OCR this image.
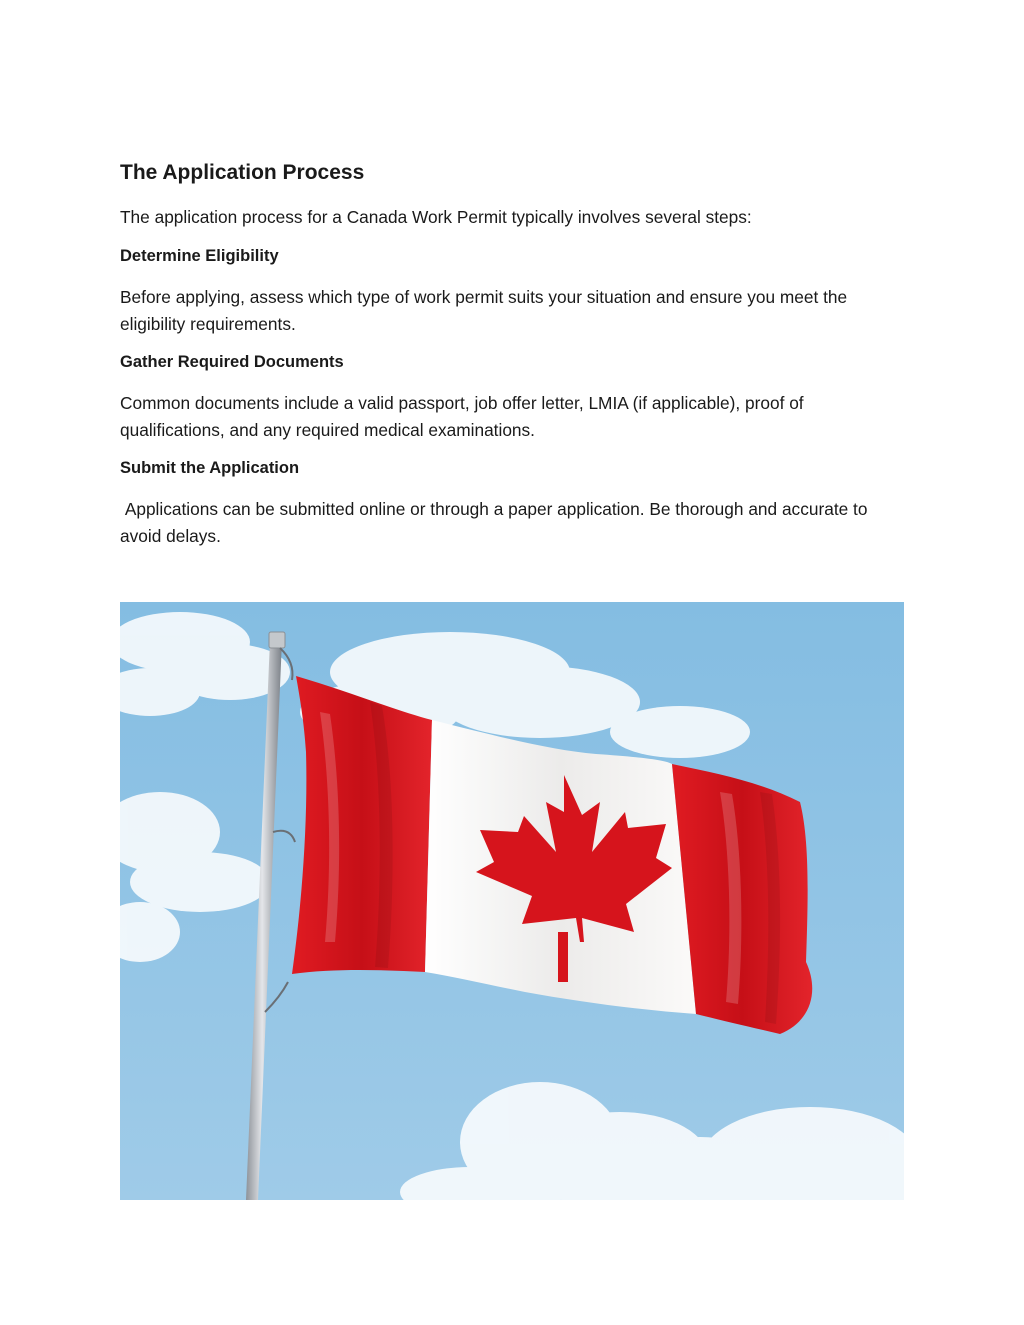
The Application Process

The application process for a Canada Work Permit typically involves several steps:

Determine Eligibility

Before applying, assess which type of work permit suits your situation and ensure you meet the eligibility requirements.

Gather Required Documents

Common documents include a valid passport, job offer letter, LMIA (if applicable), proof of qualifications, and any required medical examinations.

Submit the Application

Applications can be submitted online or through a paper application. Be thorough and accurate to avoid delays.
